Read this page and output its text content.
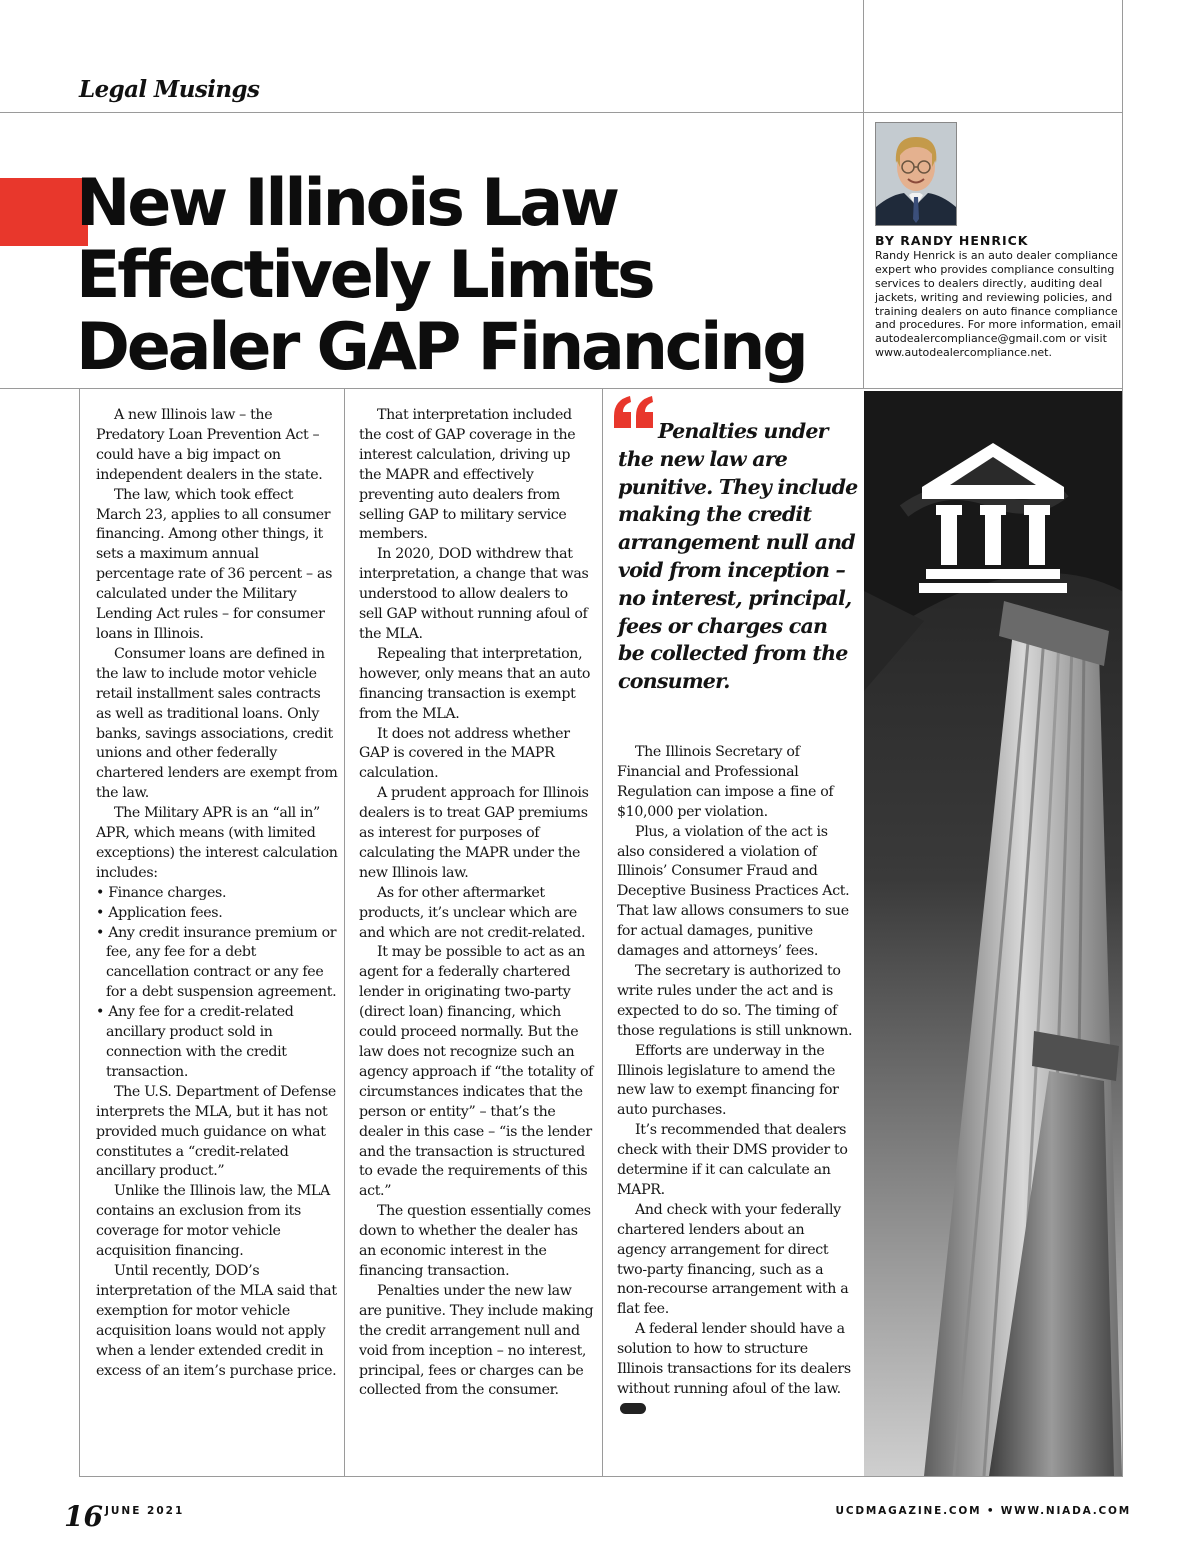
Legal Musings
New Illinois Law
Effectively Limits
Dealer GAP Financing
BY RANDY HENRICK
Randy Henrick is an auto dealer compliance expert who provides compliance consulting services to dealers directly, auditing deal jackets, writing and reviewing policies, and training dealers on auto finance compliance and procedures. For more information, email autodealercompliance@gmail.com or visit www.autodealercompliance.net.

A new Illinois law – the Predatory Loan Prevention Act – could have a big impact on independent dealers in the state.

The law, which took effect March 23, applies to all consumer financing. Among other things, it sets a maximum annual percentage rate of 36 percent – as calculated under the Military Lending Act rules – for consumer loans in Illinois.

Consumer loans are defined in the law to include motor vehicle retail installment sales contracts as well as traditional loans. Only banks, savings associations, credit unions and other federally chartered lenders are exempt from the law.

The Military APR is an “all in” APR, which means (with limited exceptions) the interest calculation includes:

• Finance charges.
• Application fees.
• Any credit insurance premium or fee, any fee for a debt cancellation contract or any fee for a debt suspension agreement.
• Any fee for a credit-related ancillary product sold in connection with the credit transaction.

The U.S. Department of Defense interprets the MLA, but it has not provided much guidance on what constitutes a “credit-related ancillary product.”

Unlike the Illinois law, the MLA contains an exclusion from its coverage for motor vehicle acquisition financing.

Until recently, DOD’s interpretation of the MLA said that exemption for motor vehicle acquisition loans would not apply when a lender extended credit in excess of an item’s purchase price.

That interpretation included the cost of GAP coverage in the interest calculation, driving up the MAPR and effectively preventing auto dealers from selling GAP to military service members.

In 2020, DOD withdrew that interpretation, a change that was understood to allow dealers to sell GAP without running afoul of the MLA.

Repealing that interpretation, however, only means that an auto financing transaction is exempt from the MLA.

It does not address whether GAP is covered in the MAPR calculation.

A prudent approach for Illinois dealers is to treat GAP premiums as interest for purposes of calculating the MAPR under the new Illinois law.

As for other aftermarket products, it’s unclear which are and which are not credit-related.

It may be possible to act as an agent for a federally chartered lender in originating two-party (direct loan) financing, which could proceed normally. But the law does not recognize such an agency approach if “the totality of circumstances indicates that the person or entity” – that’s the dealer in this case – “is the lender and the transaction is structured to evade the requirements of this act.”

The question essentially comes down to whether the dealer has an economic interest in the financing transaction.

Penalties under the new law are punitive. They include making the credit arrangement null and void from inception – no interest, principal, fees or charges can be collected from the consumer.

Penalties under the new law are punitive. They include making the credit arrangement null and void from inception – no interest, principal, fees or charges can be collected from the consumer.

The Illinois Secretary of Financial and Professional Regulation can impose a fine of $10,000 per violation.

Plus, a violation of the act is also considered a violation of Illinois’ Consumer Fraud and Deceptive Business Practices Act. That law allows consumers to sue for actual damages, punitive damages and attorneys’ fees.

The secretary is authorized to write rules under the act and is expected to do so. The timing of those regulations is still unknown.

Efforts are underway in the Illinois legislature to amend the new law to exempt financing for auto purchases.

It’s recommended that dealers check with their DMS provider to determine if it can calculate an MAPR.

And check with your federally chartered lenders about an agency arrangement for direct two-party financing, such as a non-recourse arrangement with a flat fee.

A federal lender should have a solution to how to structure Illinois transactions for its dealers without running afoul of the law.

16 JUNE 2021	UCDMAGAZINE.COM • WWW.NIADA.COM
